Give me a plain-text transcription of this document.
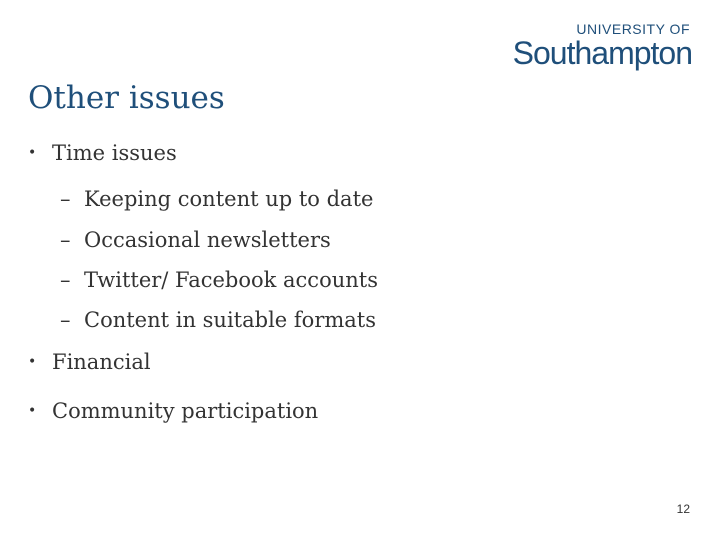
UNIVERSITY OF
Southampton
Other issues
• Time issues
– Keeping content up to date
– Occasional newsletters
– Twitter/ Facebook accounts
– Content in suitable formats
• Financial
• Community participation
12
